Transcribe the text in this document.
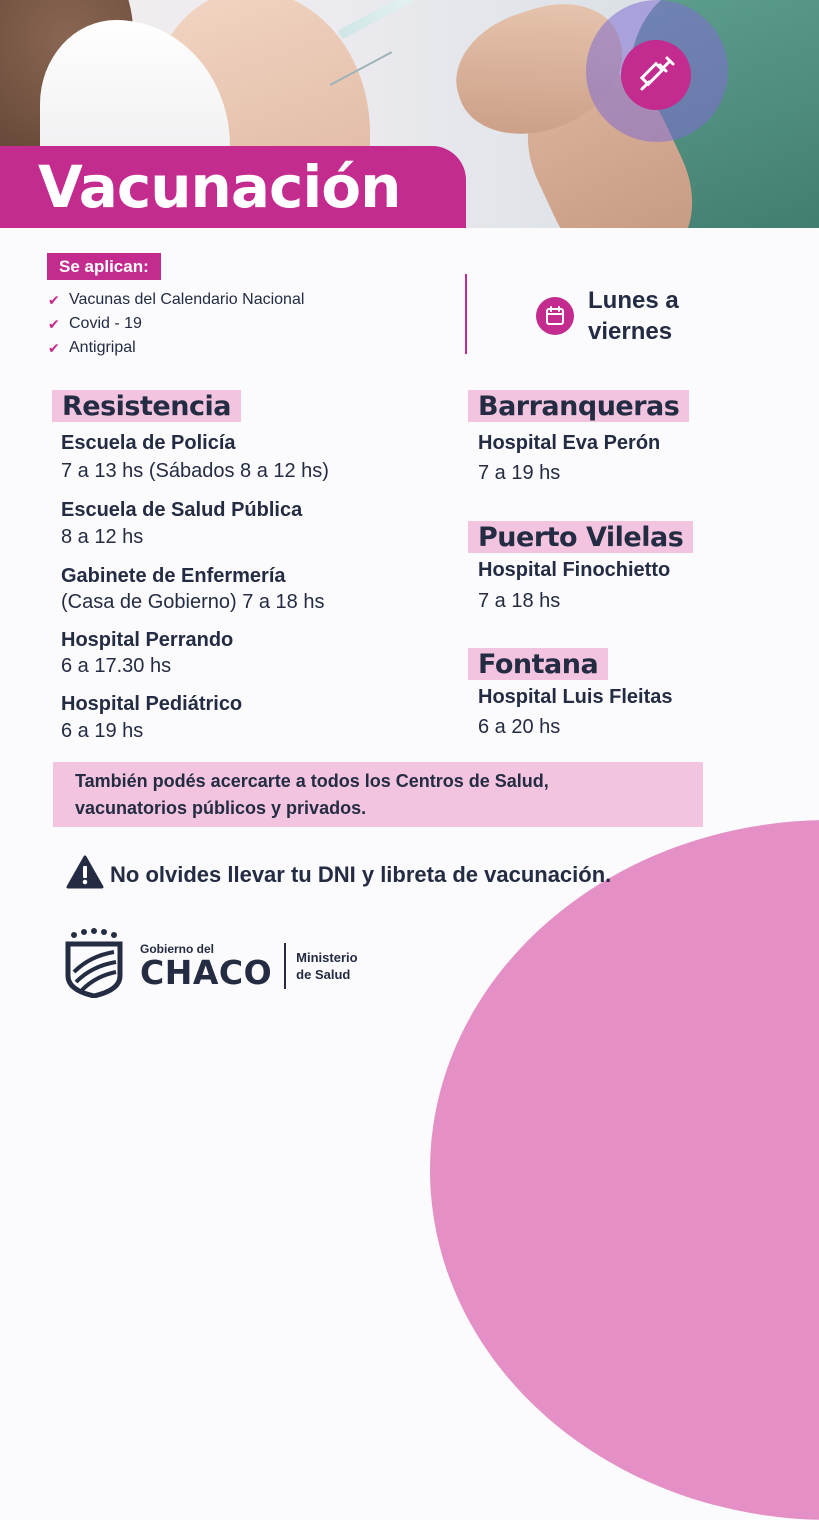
Vacunación
Se aplican:
✔ Vacunas del Calendario Nacional
✔ Covid - 19
✔ Antigripal
Lunes a
viernes
Resistencia
Escuela de Policía
7 a 13 hs (Sábados 8 a 12 hs)
Escuela de Salud Pública
8 a 12 hs
Gabinete de Enfermería
(Casa de Gobierno) 7 a 18 hs
Hospital Perrando
6 a 17.30 hs
Hospital Pediátrico
6 a 19 hs
Barranqueras
Hospital Eva Perón
7 a 19 hs
Puerto Vilelas
Hospital Finochietto
7 a 18 hs
Fontana
Hospital Luis Fleitas
6 a 20 hs
También podés acercarte a todos los Centros de Salud,
vacunatorios públicos y privados.
No olvides llevar tu DNI y libreta de vacunación.
Gobierno del
CHACO Ministerio
de Salud
